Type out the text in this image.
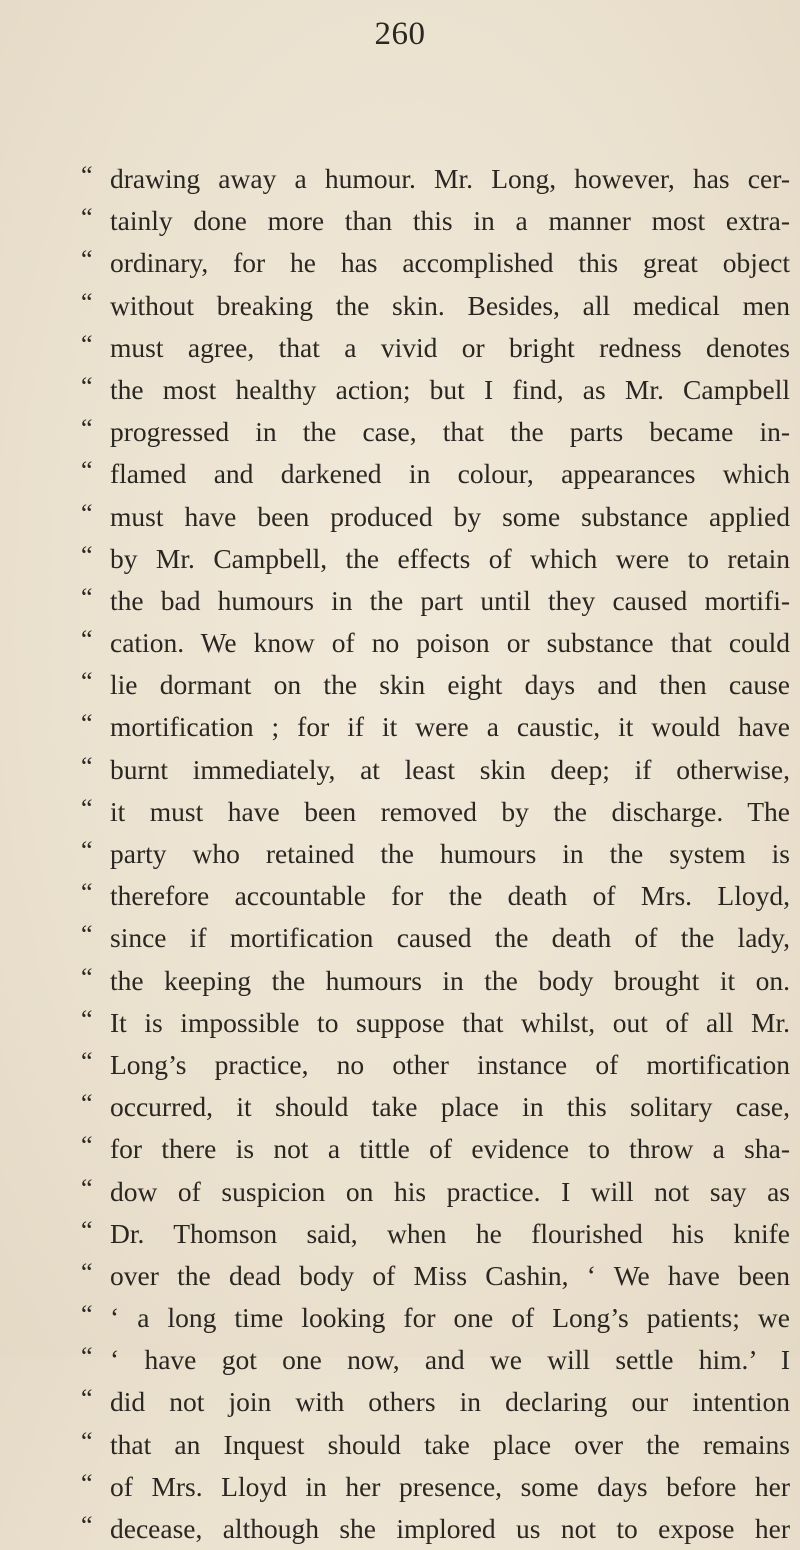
260
“ drawing away a humour. Mr. Long, however, has cer-
“ tainly done more than this in a manner most extra-
“ ordinary, for he has accomplished this great object
“ without breaking the skin. Besides, all medical men
“ must agree, that a vivid or bright redness denotes
“ the most healthy action; but I find, as Mr. Campbell
“ progressed in the case, that the parts became in-
“ flamed and darkened in colour, appearances which
“ must have been produced by some substance applied
“ by Mr. Campbell, the effects of which were to retain
“ the bad humours in the part until they caused mortifi-
“ cation. We know of no poison or substance that could
“ lie dormant on the skin eight days and then cause
“ mortification ; for if it were a caustic, it would have
“ burnt immediately, at least skin deep; if otherwise,
“ it must have been removed by the discharge. The
“ party who retained the humours in the system is
“ therefore accountable for the death of Mrs. Lloyd,
“ since if mortification caused the death of the lady,
“ the keeping the humours in the body brought it on.
“ It is impossible to suppose that whilst, out of all Mr.
“ Long’s practice, no other instance of mortification
“ occurred, it should take place in this solitary case,
“ for there is not a tittle of evidence to throw a sha-
“ dow of suspicion on his practice. I will not say as
“ Dr. Thomson said, when he flourished his knife
“ over the dead body of Miss Cashin, ‘ We have been
“ ‘ a long time looking for one of Long’s patients; we
“ ‘ have got one now, and we will settle him.’ I
“ did not join with others in declaring our intention
“ that an Inquest should take place over the remains
“ of Mrs. Lloyd in her presence, some days before her
“ decease, although she implored us not to expose her
